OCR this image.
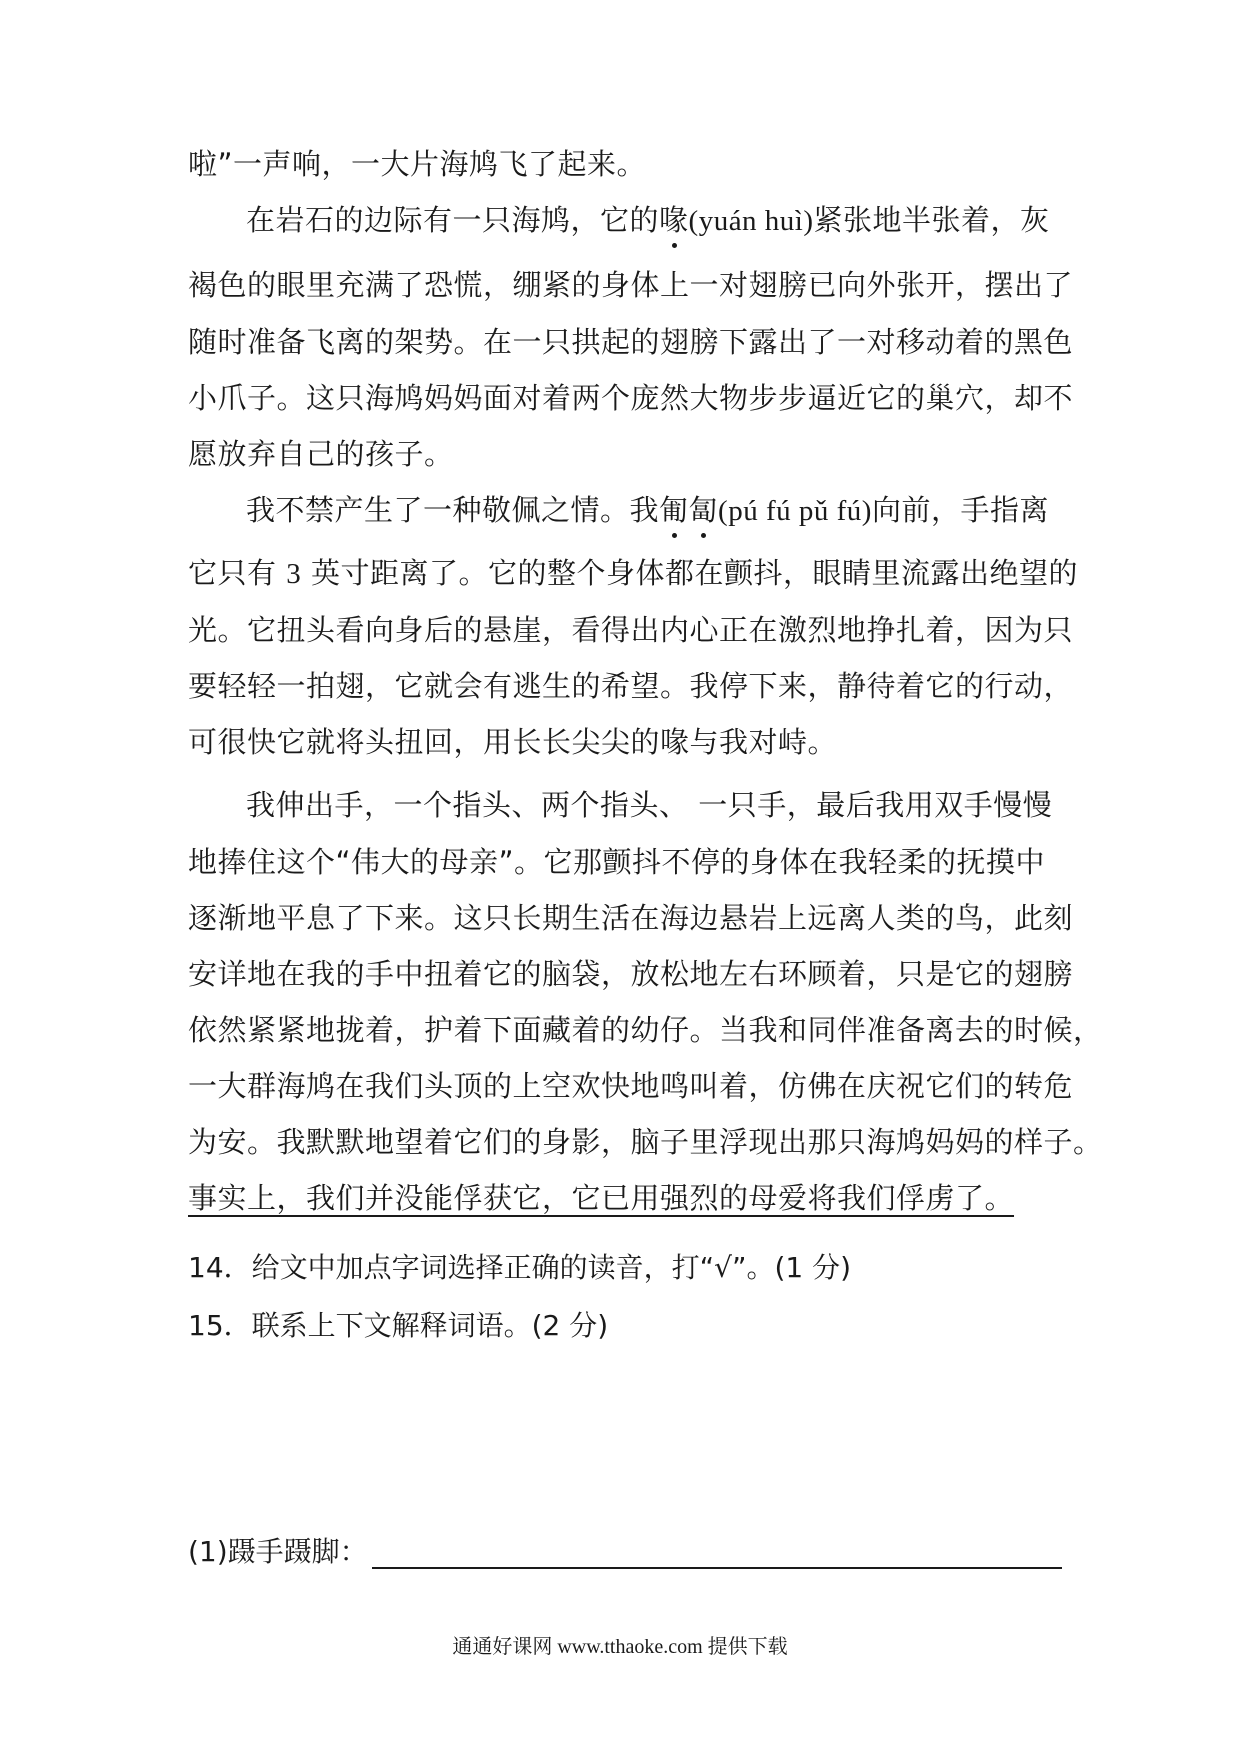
啦”一声响，一大片海鸠飞了起来。
在岩石的边际有一只海鸠，它的喙(yuán huì)紧张地半张着，灰
褐色的眼里充满了恐慌，绷紧的身体上一对翅膀已向外张开，摆出了
随时准备飞离的架势。在一只拱起的翅膀下露出了一对移动着的黑色
小爪子。这只海鸠妈妈面对着两个庞然大物步步逼近它的巢穴，却不
愿放弃自己的孩子。
我不禁产生了一种敬佩之情。我匍匐(pú fú pǔ fú)向前，手指离
它只有 3 英寸距离了。它的整个身体都在颤抖，眼睛里流露出绝望的
光。它扭头看向身后的悬崖，看得出内心正在激烈地挣扎着，因为只
要轻轻一拍翅，它就会有逃生的希望。我停下来，静待着它的行动，
可很快它就将头扭回，用长长尖尖的喙与我对峙。
我伸出手，一个指头、两个指头、 一只手，最后我用双手慢慢
地捧住这个“伟大的母亲”。它那颤抖不停的身体在我轻柔的抚摸中
逐渐地平息了下来。这只长期生活在海边悬岩上远离人类的鸟，此刻
安详地在我的手中扭着它的脑袋，放松地左右环顾着，只是它的翅膀
依然紧紧地拢着，护着下面藏着的幼仔。当我和同伴准备离去的时候，
一大群海鸠在我们头顶的上空欢快地鸣叫着，仿佛在庆祝它们的转危
为安。我默默地望着它们的身影，脑子里浮现出那只海鸠妈妈的样子。
事实上，我们并没能俘获它，它已用强烈的母爱将我们俘虏了。
14．给文中加点字词选择正确的读音，打“√”。(1 分)
15．联系上下文解释词语。(2 分)
(1)蹑手蹑脚：
通通好课网 www.tthaoke.com 提供下载
